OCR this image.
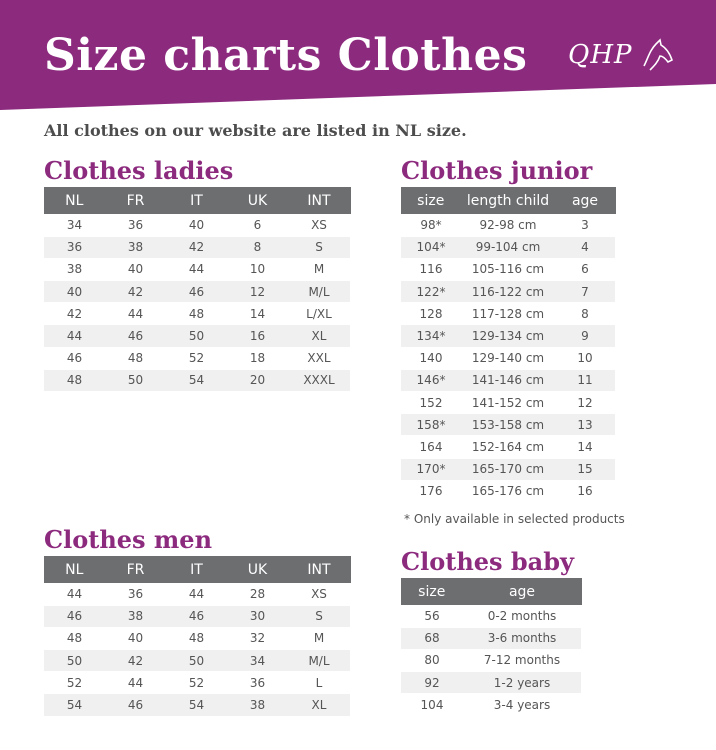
Size charts Clothes QHP
All clothes on our website are listed in NL size.
Clothes ladies
NL	FR	IT	UK	INT
34	36	40	6	XS
36	38	42	8	S
38	40	44	10	M
40	42	46	12	M/L
42	44	48	14	L/XL
44	46	50	16	XL
46	48	52	18	XXL
48	50	54	20	XXXL
Clothes junior
size	length child	age
98*	92-98 cm	3
104*	99-104 cm	4
116	105-116 cm	6
122*	116-122 cm	7
128	117-128 cm	8
134*	129-134 cm	9
140	129-140 cm	10
146*	141-146 cm	11
152	141-152 cm	12
158*	153-158 cm	13
164	152-164 cm	14
170*	165-170 cm	15
176	165-176 cm	16
* Only available in selected products
Clothes men
NL	FR	IT	UK	INT
44	36	44	28	XS
46	38	46	30	S
48	40	48	32	M
50	42	50	34	M/L
52	44	52	36	L
54	46	54	38	XL
Clothes baby
size	age
56	0-2 months
68	3-6 months
80	7-12 months
92	1-2 years
104	3-4 years
